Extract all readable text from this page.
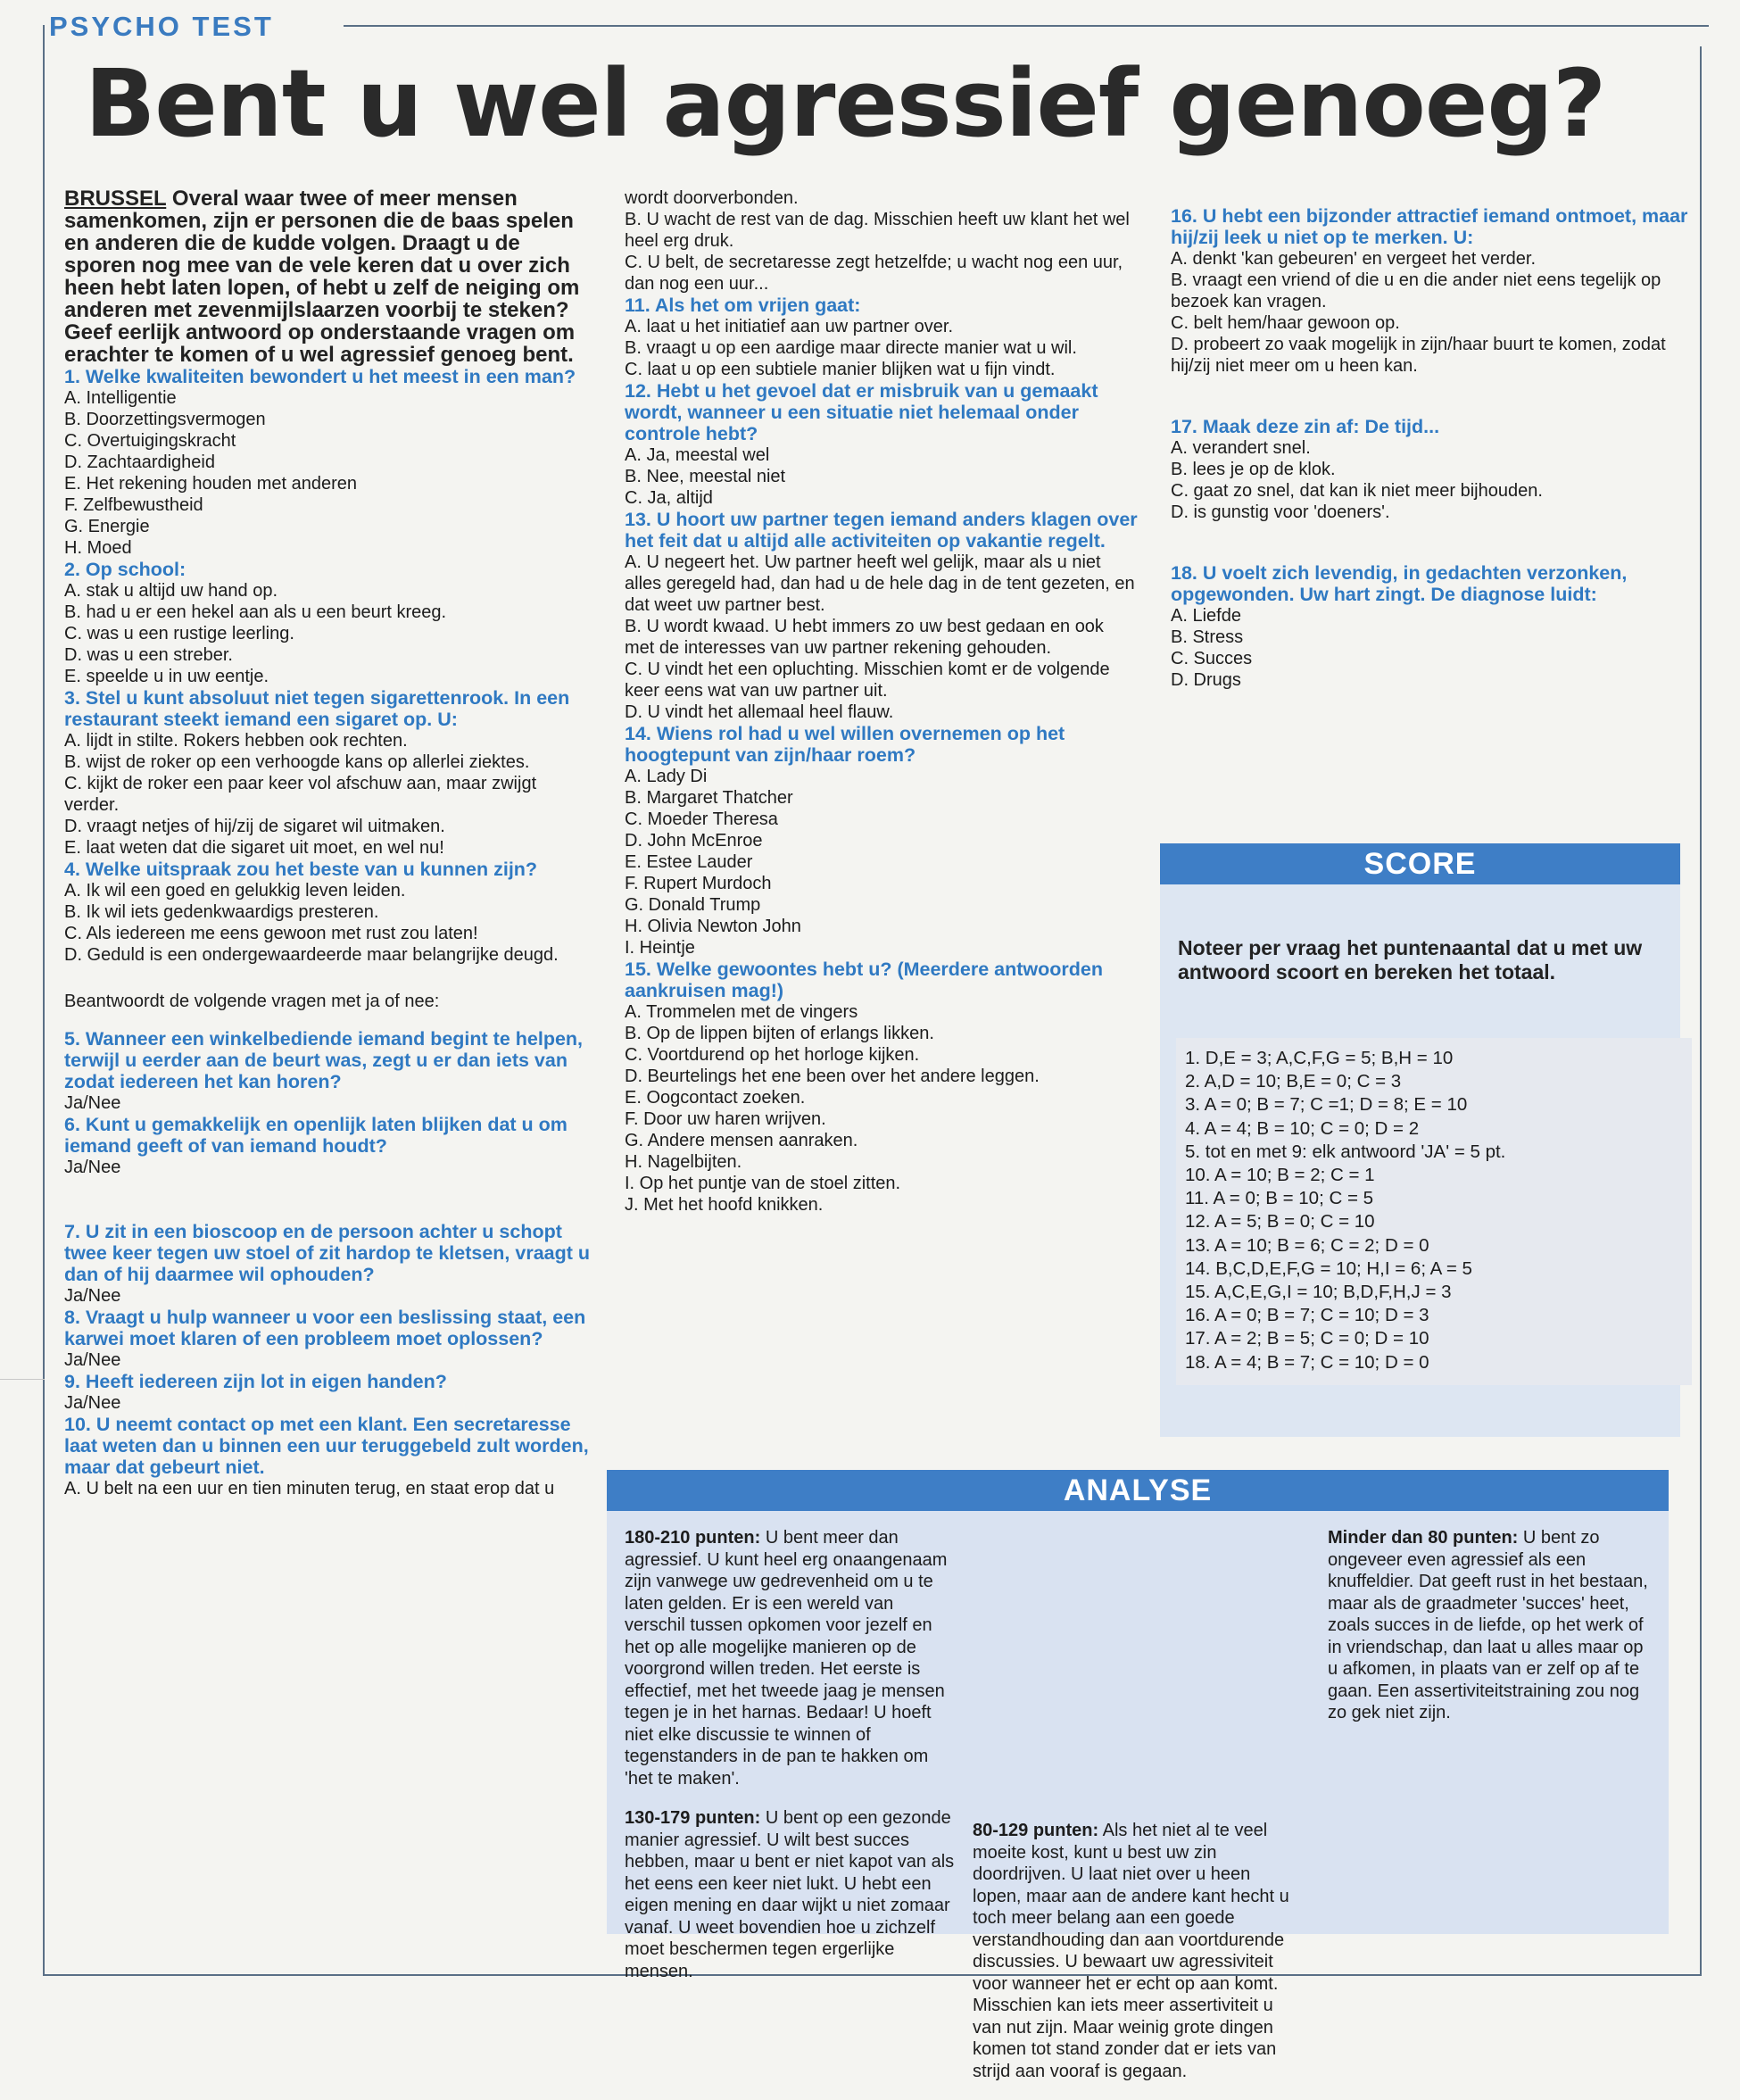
PSYCHO TEST
Bent u wel agressief genoeg?
BRUSSEL Overal waar twee of meer mensen samenkomen, zijn er personen die de baas spelen en anderen die de kudde volgen. Draagt u de sporen nog mee van de vele keren dat u over zich heen hebt laten lopen, of hebt u zelf de neiging om anderen met zevenmijlslaarzen voorbij te steken? Geef eerlijk antwoord op onderstaande vragen om erachter te komen of u wel agressief genoeg bent.
1. Welke kwaliteiten bewondert u het meest in een man?
A. Intelligentie
B. Doorzettingsvermogen
C. Overtuigingskracht
D. Zachtaardigheid
E. Het rekening houden met anderen
F. Zelfbewustheid
G. Energie
H. Moed
2. Op school:
A. stak u altijd uw hand op.
B. had u er een hekel aan als u een beurt kreeg.
C. was u een rustige leerling.
D. was u een streber.
E. speelde u in uw eentje.
3. Stel u kunt absoluut niet tegen sigarettenrook. In een restaurant steekt iemand een sigaret op. U:
A. lijdt in stilte. Rokers hebben ook rechten.
B. wijst de roker op een verhoogde kans op allerlei ziektes.
C. kijkt de roker een paar keer vol afschuw aan, maar zwijgt verder.
D. vraagt netjes of hij/zij de sigaret wil uitmaken.
E. laat weten dat die sigaret uit moet, en wel nu!
4. Welke uitspraak zou het beste van u kunnen zijn?
A. Ik wil een goed en gelukkig leven leiden.
B. Ik wil iets gedenkwaardigs presteren.
C. Als iedereen me eens gewoon met rust zou laten!
D. Geduld is een ondergewaardeerde maar belangrijke deugd.
Beantwoordt de volgende vragen met ja of nee:
5. Wanneer een winkelbediende iemand begint te helpen, terwijl u eerder aan de beurt was, zegt u er dan iets van zodat iedereen het kan horen?
Ja/Nee
6. Kunt u gemakkelijk en openlijk laten blijken dat u om iemand geeft of van iemand houdt?
Ja/Nee
7. U zit in een bioscoop en de persoon achter u schopt twee keer tegen uw stoel of zit hardop te kletsen, vraagt u dan of hij daarmee wil ophouden?
Ja/Nee
8. Vraagt u hulp wanneer u voor een beslissing staat, een karwei moet klaren of een probleem moet oplossen?
Ja/Nee
9. Heeft iedereen zijn lot in eigen handen?
Ja/Nee
10. U neemt contact op met een klant. Een secretaresse laat weten dan u binnen een uur teruggebeld zult worden, maar dat gebeurt niet.
A. U belt na een uur en tien minuten terug, en staat erop dat u
wordt doorverbonden.
B. U wacht de rest van de dag. Misschien heeft uw klant het wel heel erg druk.
C. U belt, de secretaresse zegt hetzelfde; u wacht nog een uur, dan nog een uur...
11. Als het om vrijen gaat:
A. laat u het initiatief aan uw partner over.
B. vraagt u op een aardige maar directe manier wat u wil.
C. laat u op een subtiele manier blijken wat u fijn vindt.
12. Hebt u het gevoel dat er misbruik van u gemaakt wordt, wanneer u een situatie niet helemaal onder controle hebt?
A. Ja, meestal wel
B. Nee, meestal niet
C. Ja, altijd
13. U hoort uw partner tegen iemand anders klagen over het feit dat u altijd alle activiteiten op vakantie regelt.
A. U negeert het. Uw partner heeft wel gelijk, maar als u niet alles geregeld had, dan had u de hele dag in de tent gezeten, en dat weet uw partner best.
B. U wordt kwaad. U hebt immers zo uw best gedaan en ook met de interesses van uw partner rekening gehouden.
C. U vindt het een opluchting. Misschien komt er de volgende keer eens wat van uw partner uit.
D. U vindt het allemaal heel flauw.
14. Wiens rol had u wel willen overnemen op het hoogtepunt van zijn/haar roem?
A. Lady Di
B. Margaret Thatcher
C. Moeder Theresa
D. John McEnroe
E. Estee Lauder
F. Rupert Murdoch
G. Donald Trump
H. Olivia Newton John
I. Heintje
15. Welke gewoontes hebt u? (Meerdere antwoorden aankruisen mag!)
A. Trommelen met de vingers
B. Op de lippen bijten of erlangs likken.
C. Voortdurend op het horloge kijken.
D. Beurtelings het ene been over het andere leggen.
E. Oogcontact zoeken.
F. Door uw haren wrijven.
G. Andere mensen aanraken.
H. Nagelbijten.
I. Op het puntje van de stoel zitten.
J. Met het hoofd knikken.
16. U hebt een bijzonder attractief iemand ontmoet, maar hij/zij leek u niet op te merken. U:
A. denkt 'kan gebeuren' en vergeet het verder.
B. vraagt een vriend of die u en die ander niet eens tegelijk op bezoek kan vragen.
C. belt hem/haar gewoon op.
D. probeert zo vaak mogelijk in zijn/haar buurt te komen, zodat hij/zij niet meer om u heen kan.
17. Maak deze zin af: De tijd...
A. verandert snel.
B. lees je op de klok.
C. gaat zo snel, dat kan ik niet meer bijhouden.
D. is gunstig voor 'doeners'.
18. U voelt zich levendig, in gedachten verzonken, opgewonden. Uw hart zingt. De diagnose luidt:
A. Liefde
B. Stress
C. Succes
D. Drugs
SCORE
Noteer per vraag het puntenaantal dat u met uw antwoord scoort en bereken het totaal.
1. D,E = 3; A,C,F,G = 5; B,H = 10
2. A,D = 10; B,E = 0; C = 3
3. A = 0; B = 7; C =1; D = 8; E = 10
4. A = 4; B = 10; C = 0; D = 2
5. tot en met 9: elk antwoord 'JA' = 5 pt.
10. A = 10; B = 2; C = 1
11. A = 0; B = 10; C = 5
12. A = 5; B = 0; C = 10
13. A = 10; B = 6; C = 2; D = 0
14. B,C,D,E,F,G = 10; H,I = 6; A = 5
15. A,C,E,G,I = 10; B,D,F,H,J = 3
16. A = 0; B = 7; C = 10; D = 3
17. A = 2; B = 5; C = 0; D = 10
18. A = 4; B = 7; C = 10; D = 0
ANALYSE

180-210 punten: U bent meer dan agressief. U kunt heel erg onaangenaam zijn vanwege uw gedrevenheid om u te laten gelden. Er is een wereld van verschil tussen opkomen voor jezelf en het op alle mogelijke manieren op de voorgrond willen treden. Het eerste is effectief, met het tweede jaag je mensen tegen je in het harnas. Bedaar! U hoeft niet elke discussie te winnen of tegenstanders in de pan te hakken om 'het te maken'.

130-179 punten: U bent op een gezonde manier agressief. U wilt best succes hebben, maar u bent er niet kapot van als het eens een keer niet lukt. U hebt een eigen mening en daar wijkt u niet zomaar vanaf. U weet bovendien hoe u zichzelf moet beschermen tegen ergerlijke mensen.

80-129 punten: Als het niet al te veel moeite kost, kunt u best uw zin doordrijven. U laat niet over u heen lopen, maar aan de andere kant hecht u toch meer belang aan een goede verstandhouding dan aan voortdurende discussies. U bewaart uw agressiviteit voor wanneer het er echt op aan komt. Misschien kan iets meer assertiviteit u van nut zijn. Maar weinig grote dingen komen tot stand zonder dat er iets van strijd aan vooraf is gegaan.

Minder dan 80 punten: U bent zo ongeveer even agressief als een knuffeldier. Dat geeft rust in het bestaan, maar als de graadmeter 'succes' heet, zoals succes in de liefde, op het werk of in vriendschap, dan laat u alles maar op u afkomen, in plaats van er zelf op af te gaan. Een assertiviteitstraining zou nog zo gek niet zijn.
